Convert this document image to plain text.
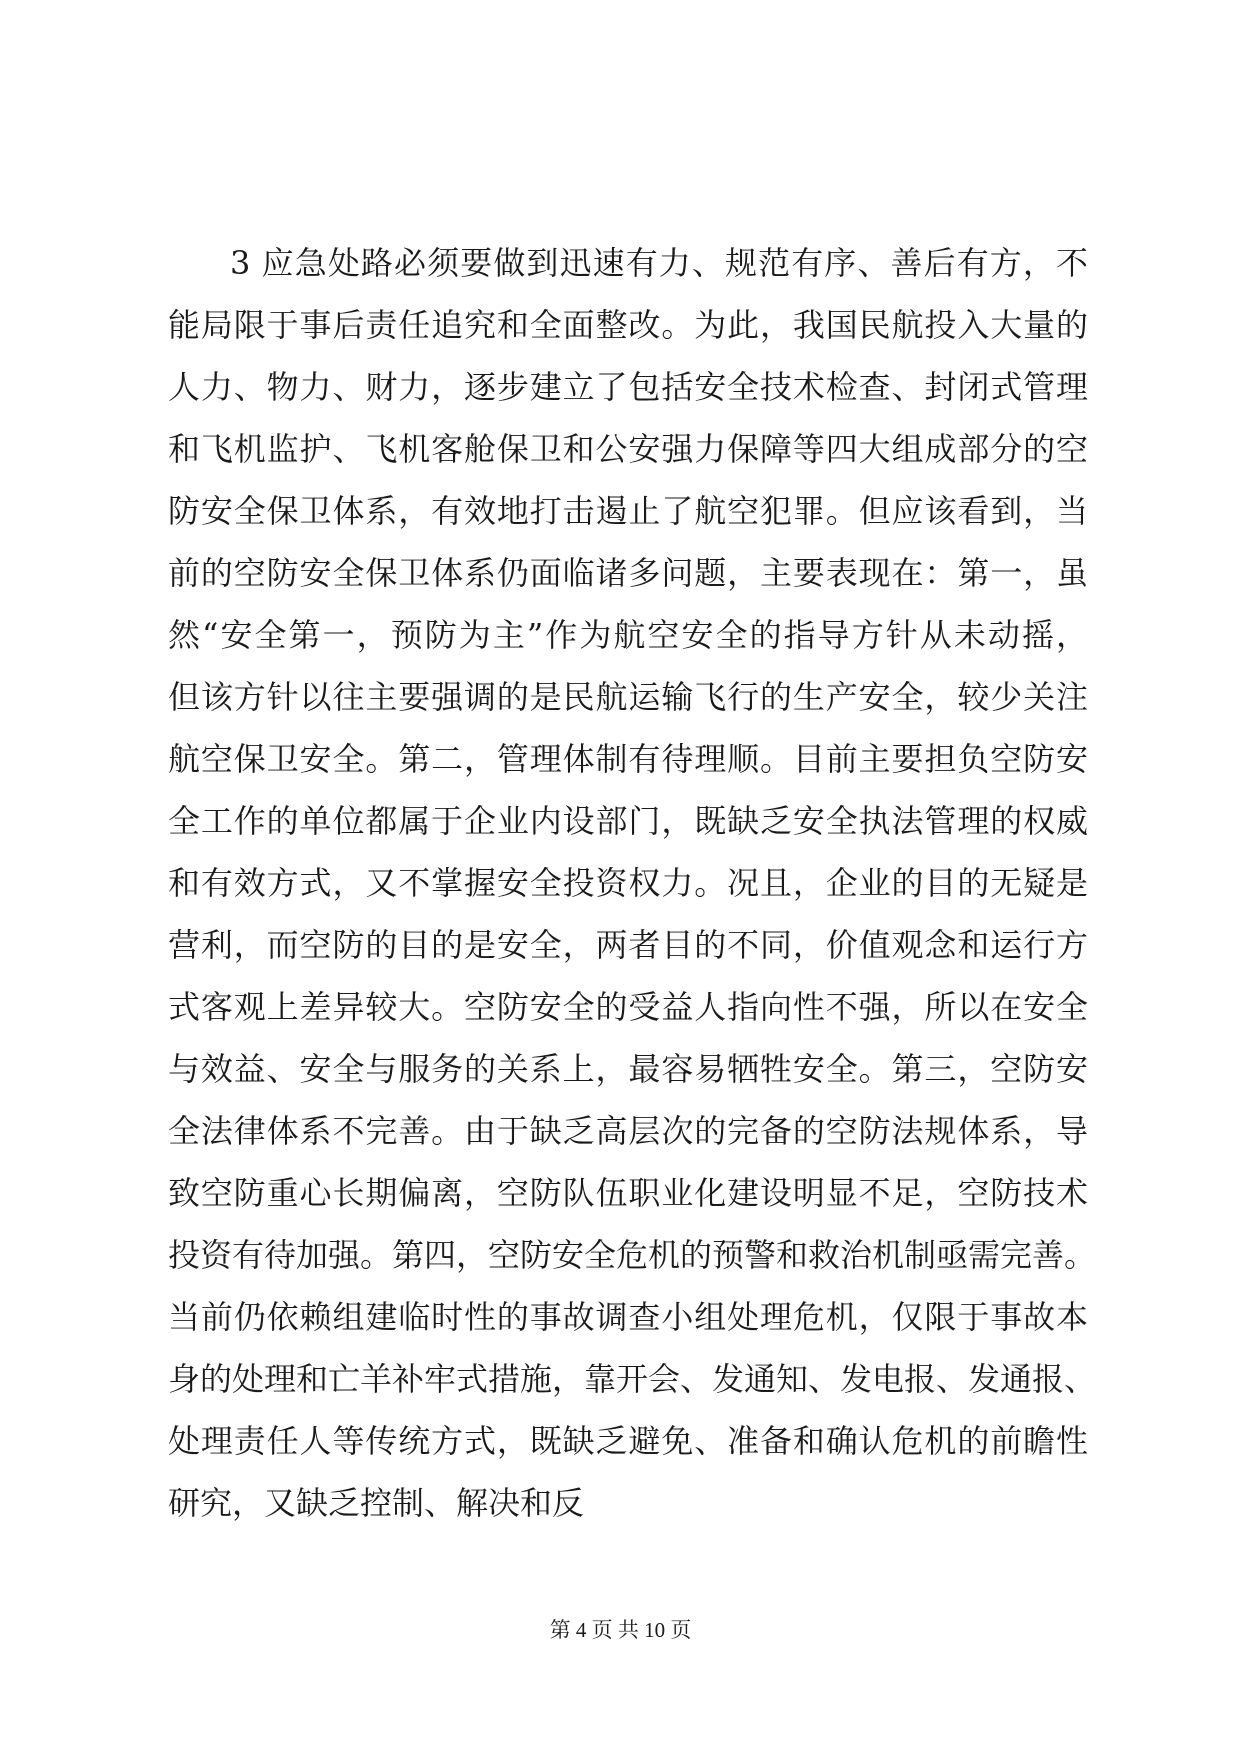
3 应急处路必须要做到迅速有力、规范有序、善后有方，不
能局限于事后责任追究和全面整改。为此，我国民航投入大量的
人力、物力、财力，逐步建立了包括安全技术检查、封闭式管理
和飞机监护、飞机客舱保卫和公安强力保障等四大组成部分的空
防安全保卫体系，有效地打击遏止了航空犯罪。但应该看到，当
前的空防安全保卫体系仍面临诸多问题，主要表现在：第一，虽
然“安全第一，预防为主”作为航空安全的指导方针从未动摇，
但该方针以往主要强调的是民航运输飞行的生产安全，较少关注
航空保卫安全。第二，管理体制有待理顺。目前主要担负空防安
全工作的单位都属于企业内设部门，既缺乏安全执法管理的权威
和有效方式，又不掌握安全投资权力。况且，企业的目的无疑是
营利，而空防的目的是安全，两者目的不同，价值观念和运行方
式客观上差异较大。空防安全的受益人指向性不强，所以在安全
与效益、安全与服务的关系上，最容易牺牲安全。第三，空防安
全法律体系不完善。由于缺乏高层次的完备的空防法规体系，导
致空防重心长期偏离，空防队伍职业化建设明显不足，空防技术
投资有待加强。第四，空防安全危机的预警和救治机制亟需完善。
当前仍依赖组建临时性的事故调查小组处理危机，仅限于事故本
身的处理和亡羊补牢式措施，靠开会、发通知、发电报、发通报、
处理责任人等传统方式，既缺乏避免、准备和确认危机的前瞻性
研究，又缺乏控制、解决和反
第 4 页 共 10 页
